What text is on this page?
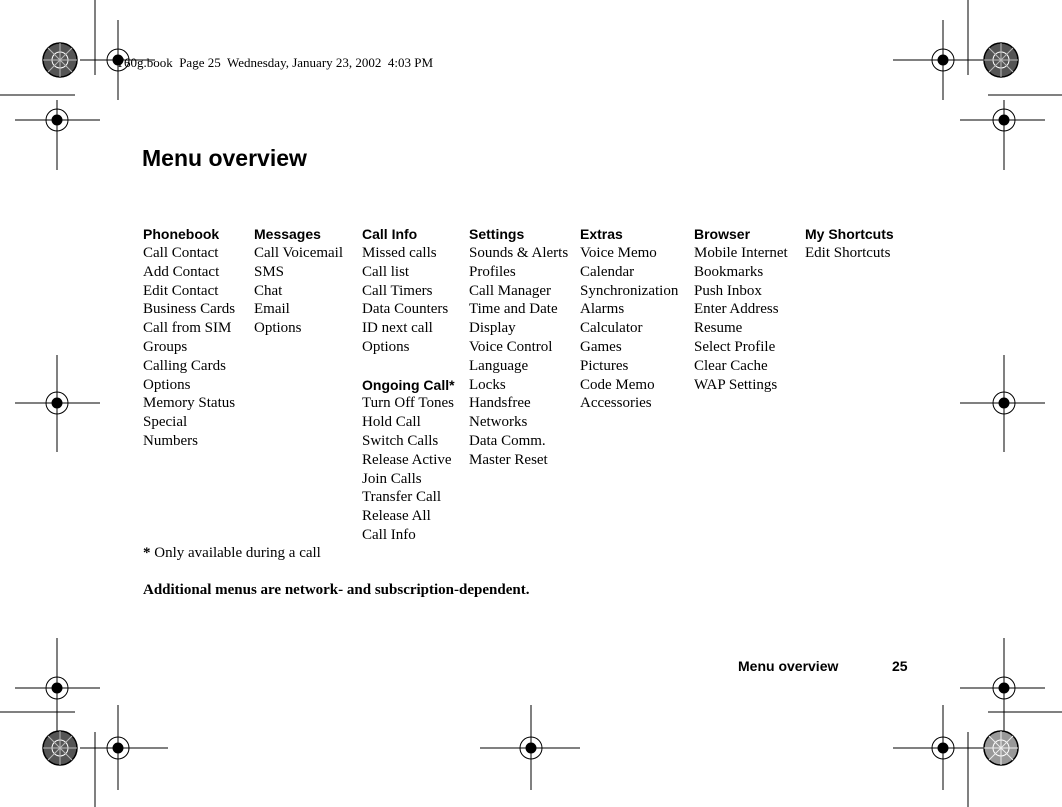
T60g.book  Page 25  Wednesday, January 23, 2002  4:03 PM
Menu overview
Phonebook
Call Contact
Add Contact
Edit Contact
Business Cards
Call from SIM
Groups
Calling Cards
Options
Memory Status
Special
Numbers
Messages
Call Voicemail
SMS
Chat
Email
Options
Call Info
Missed calls
Call list
Call Timers
Data Counters
ID next call
Options
Ongoing Call*
Turn Off Tones
Hold Call
Switch Calls
Release Active
Join Calls
Transfer Call
Release All
Call Info
Settings
Sounds & Alerts
Profiles
Call Manager
Time and Date
Display
Voice Control
Language
Locks
Handsfree
Networks
Data Comm.
Master Reset
Extras
Voice Memo
Calendar
Synchronization
Alarms
Calculator
Games
Pictures
Code Memo
Accessories
Browser
Mobile Internet
Bookmarks
Push Inbox
Enter Address
Resume
Select Profile
Clear Cache
WAP Settings
My Shortcuts
Edit Shortcuts
* Only available during a call
Additional menus are network- and subscription-dependent.
Menu overview	25
